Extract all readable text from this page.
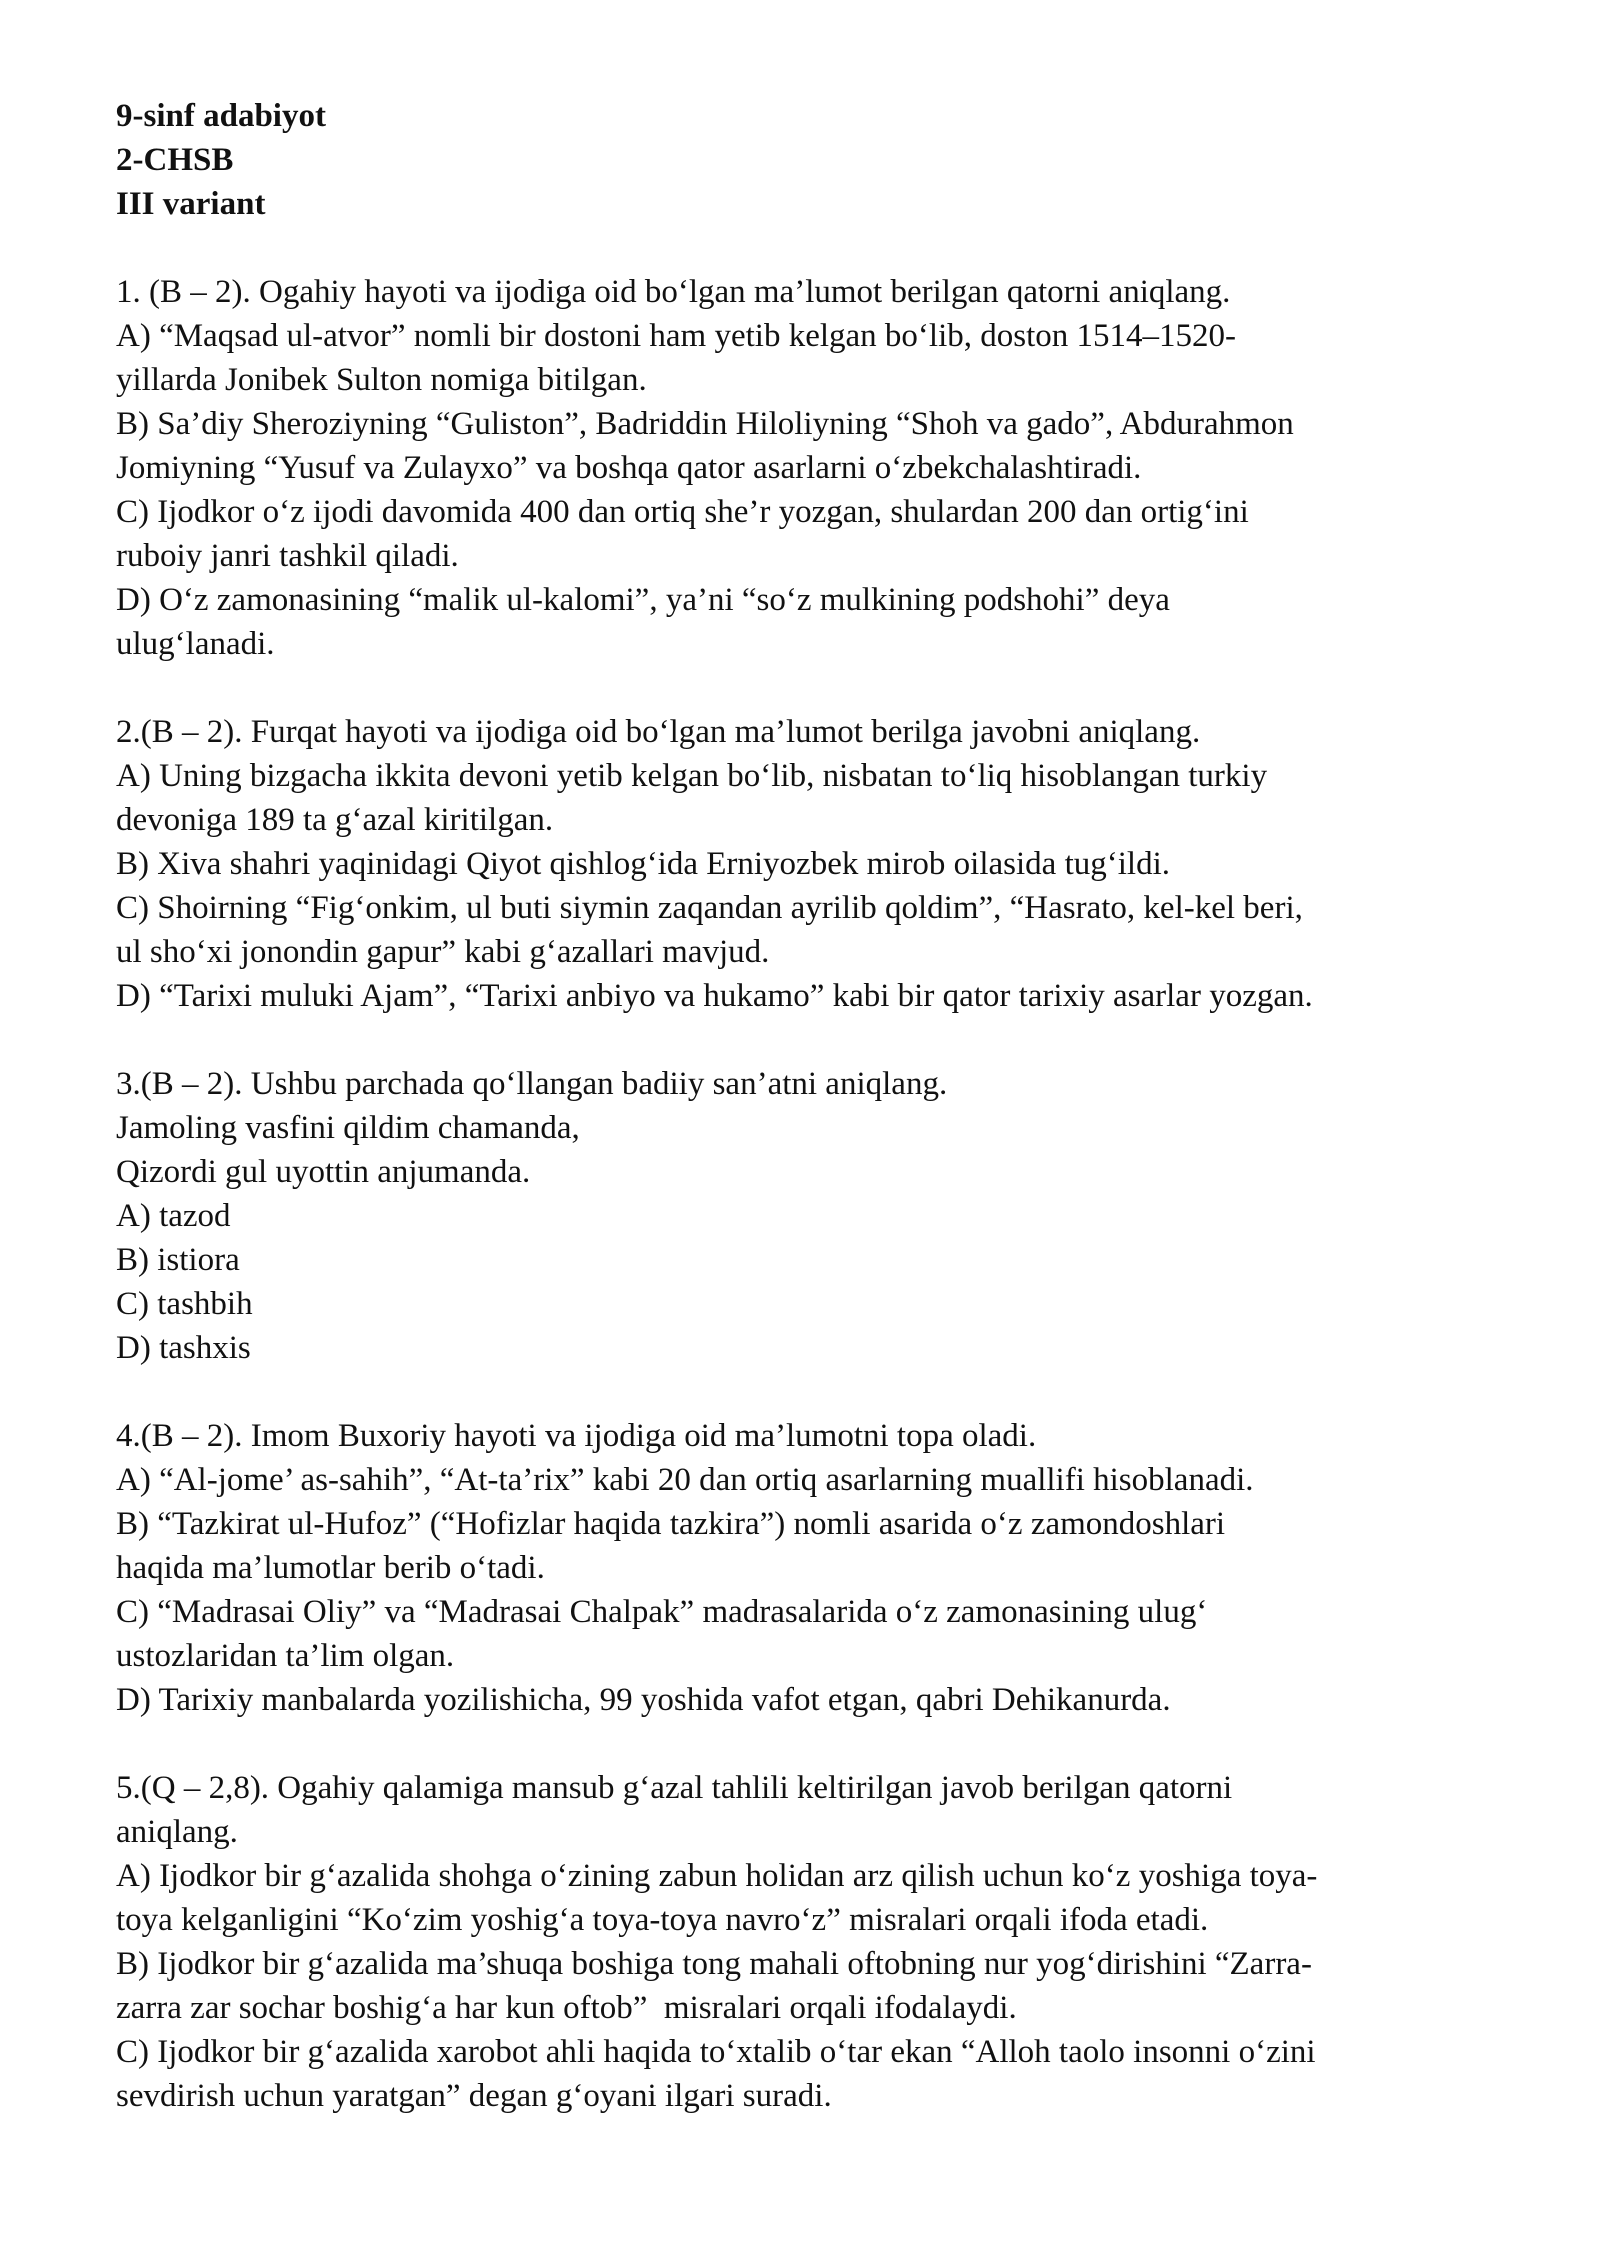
9-sinf adabiyot
2-CHSB
III variant
1. (B – 2). Ogahiy hayoti va ijodiga oid bo‘lgan ma’lumot berilgan qatorni aniqlang.
A) “Maqsad ul-atvor” nomli bir dostoni ham yetib kelgan bo‘lib, doston 1514–1520-
yillarda Jonibek Sulton nomiga bitilgan.
B) Sa’diy Sheroziyning “Guliston”, Badriddin Hiloliyning “Shoh va gado”, Abdurahmon
Jomiyning “Yusuf va Zulayxo” va boshqa qator asarlarni o‘zbekchalashtiradi.
C) Ijodkor o‘z ijodi davomida 400 dan ortiq she’r yozgan, shulardan 200 dan ortig‘ini
ruboiy janri tashkil qiladi.
D) O‘z zamonasining “malik ul-kalomi”, ya’ni “so‘z mulkining podshohi” deya
ulug‘lanadi.
2.(B – 2). Furqat hayoti va ijodiga oid bo‘lgan ma’lumot berilga javobni aniqlang.
A) Uning bizgacha ikkita devoni yetib kelgan bo‘lib, nisbatan to‘liq hisoblangan turkiy
devoniga 189 ta g‘azal kiritilgan.
B) Xiva shahri yaqinidagi Qiyot qishlog‘ida Erniyozbek mirob oilasida tug‘ildi.
C) Shoirning “Fig‘onkim, ul buti siymin zaqandan ayrilib qoldim”, “Hasrato, kel-kel beri,
ul sho‘xi jonondin gapur” kabi g‘azallari mavjud.
D) “Tarixi muluki Ajam”, “Tarixi anbiyo va hukamo” kabi bir qator tarixiy asarlar yozgan.
3.(B – 2). Ushbu parchada qo‘llangan badiiy san’atni aniqlang.
Jamoling vasfini qildim chamanda,
Qizordi gul uyottin anjumanda.
A) tazod
B) istiora
C) tashbih
D) tashxis
4.(B – 2). Imom Buxoriy hayoti va ijodiga oid ma’lumotni topa oladi.
A) “Al-jome’ as-sahih”, “At-ta’rix” kabi 20 dan ortiq asarlarning muallifi hisoblanadi.
B) “Tazkirat ul-Hufoz” (“Hofizlar haqida tazkira”) nomli asarida o‘z zamondoshlari
haqida ma’lumotlar berib o‘tadi.
C) “Madrasai Oliy” va “Madrasai Chalpak” madrasalarida o‘z zamonasining ulug‘
ustozlaridan ta’lim olgan.
D) Tarixiy manbalarda yozilishicha, 99 yoshida vafot etgan, qabri Dehikanurda.
5.(Q – 2,8). Ogahiy qalamiga mansub g‘azal tahlili keltirilgan javob berilgan qatorni
aniqlang.
A) Ijodkor bir g‘azalida shohga o‘zining zabun holidan arz qilish uchun ko‘z yoshiga toya-
toya kelganligini “Ko‘zim yoshig‘a toya-toya navro‘z” misralari orqali ifoda etadi.
B) Ijodkor bir g‘azalida ma’shuqa boshiga tong mahali oftobning nur yog‘dirishini “Zarra-
zarra zar sochar boshig‘a har kun oftob”  misralari orqali ifodalaydi.
C) Ijodkor bir g‘azalida xarobot ahli haqida to‘xtalib o‘tar ekan “Alloh taolo insonni o‘zini
sevdirish uchun yaratgan” degan g‘oyani ilgari suradi.
